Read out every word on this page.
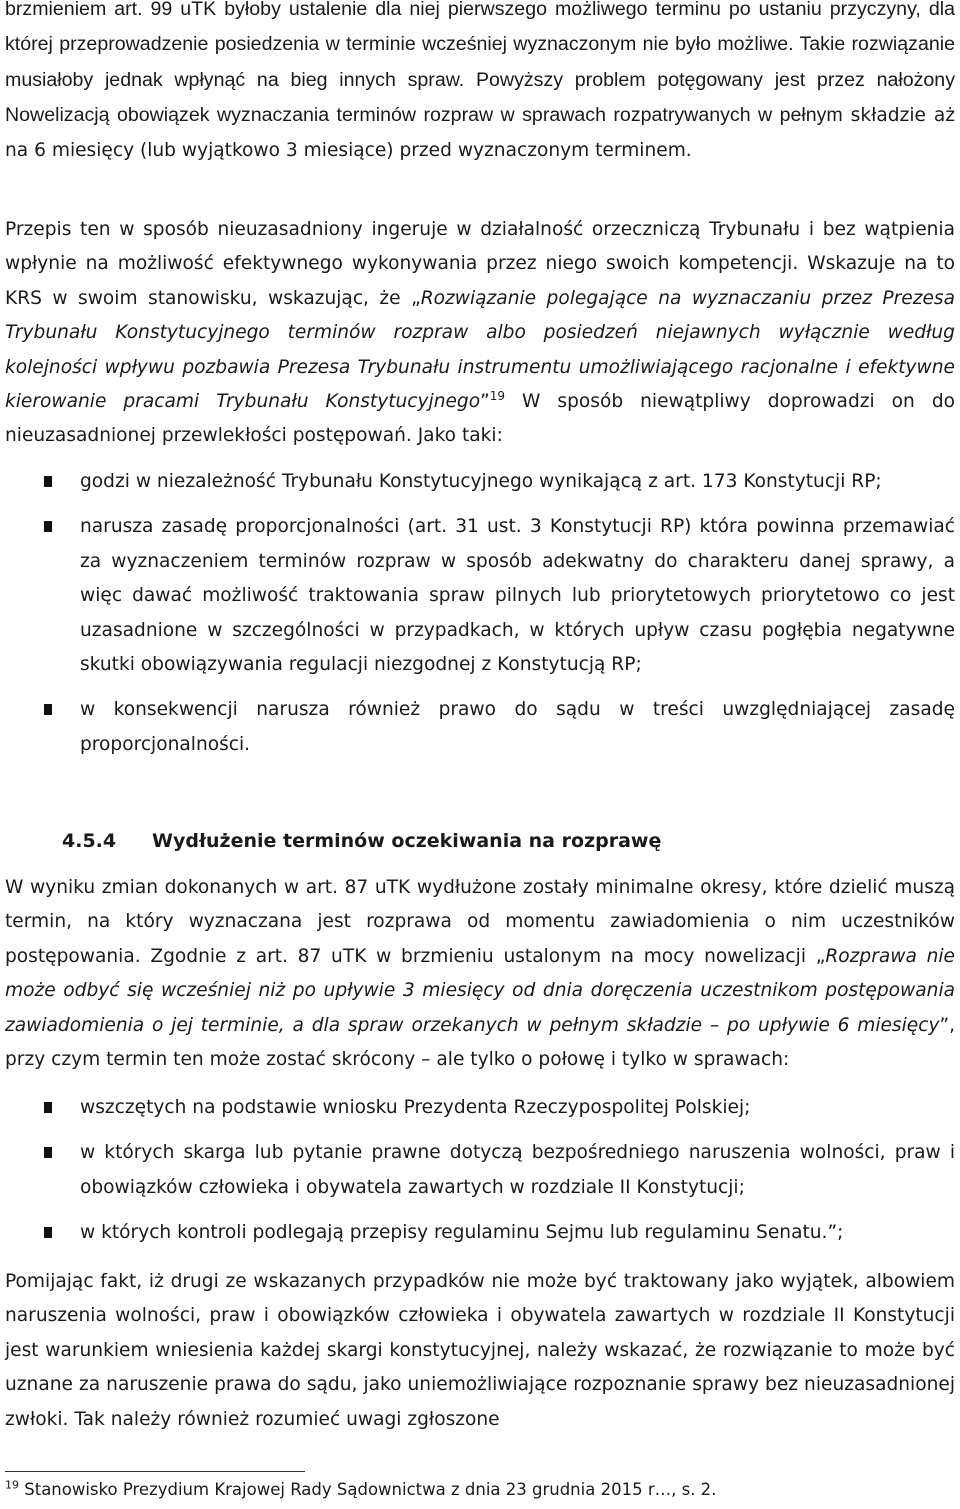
brzmieniem art. 99 uTK byłoby ustalenie dla niej pierwszego możliwego terminu po ustaniu przyczyny, dla której przeprowadzenie posiedzenia w terminie wcześniej wyznaczonym nie było możliwe. Takie rozwiązanie musiałoby jednak wpłynąć na bieg innych spraw. Powyższy problem potęgowany jest przez nałożony Nowelizacją obowiązek wyznaczania terminów rozpraw w sprawach rozpatrywanych w pełnym składzie aż na 6 miesięcy (lub wyjątkowo 3 miesiące) przed wyznaczonym terminem.

Przepis ten w sposób nieuzasadniony ingeruje w działalność orzeczniczą Trybunału i bez wątpienia wpłynie na możliwość efektywnego wykonywania przez niego swoich kompetencji. Wskazuje na to KRS w swoim stanowisku, wskazując, że „Rozwiązanie polegające na wyznaczaniu przez Prezesa Trybunału Konstytucyjnego terminów rozpraw albo posiedzeń niejawnych wyłącznie według kolejności wpływu pozbawia Prezesa Trybunału instrumentu umożliwiającego racjonalne i efektywne kierowanie pracami Trybunału Konstytucyjnego”$^{19}$ W sposób niewątpliwy doprowadzi on do nieuzasadnionej przewlekłości postępowań. Jako taki:

godzi w niezależność Trybunału Konstytucyjnego wynikającą z art. 173 Konstytucji RP;
narusza zasadę proporcjonalności (art. 31 ust. 3 Konstytucji RP) która powinna przemawiać za wyznaczeniem terminów rozpraw w sposób adekwatny do charakteru danej sprawy, a więc dawać możliwość traktowania spraw pilnych lub priorytetowych priorytetowo co jest uzasadnione w szczególności w przypadkach, w których upływ czasu pogłębia negatywne skutki obowiązywania regulacji niezgodnej z Konstytucją RP;
w konsekwencji narusza również prawo do sądu w treści uwzględniającej zasadę proporcjonalności.
4.5.4 Wydłużenie terminów oczekiwania na rozprawę

W wyniku zmian dokonanych w art. 87 uTK wydłużone zostały minimalne okresy, które dzielić muszą termin, na który wyznaczana jest rozprawa od momentu zawiadomienia o nim uczestników postępowania. Zgodnie z art. 87 uTK w brzmieniu ustalonym na mocy nowelizacji „Rozprawa nie może odbyć się wcześniej niż po upływie 3 miesięcy od dnia doręczenia uczestnikom postępowania zawiadomienia o jej terminie, a dla spraw orzekanych w pełnym składzie – po upływie 6 miesięcy”, przy czym termin ten może zostać skrócony – ale tylko o połowę i tylko w sprawach:

wszczętych na podstawie wniosku Prezydenta Rzeczypospolitej Polskiej;
w których skarga lub pytanie prawne dotyczą bezpośredniego naruszenia wolności, praw i obowiązków człowieka i obywatela zawartych w rozdziale II Konstytucji;
w których kontroli podlegają przepisy regulaminu Sejmu lub regulaminu Senatu.”;

Pomijając fakt, iż drugi ze wskazanych przypadków nie może być traktowany jako wyjątek, albowiem naruszenia wolności, praw i obowiązków człowieka i obywatela zawartych w rozdziale II Konstytucji jest warunkiem wniesienia każdej skargi konstytucyjnej, należy wskazać, że rozwiązanie to może być uznane za naruszenie prawa do sądu, jako uniemożliwiające rozpoznanie sprawy bez nieuzasadnionej zwłoki. Tak należy również rozumieć uwagi zgłoszone

$^{19}$ Stanowisko Prezydium Krajowej Rady Sądownictwa z dnia 23 grudnia 2015 r…, s. 2.
